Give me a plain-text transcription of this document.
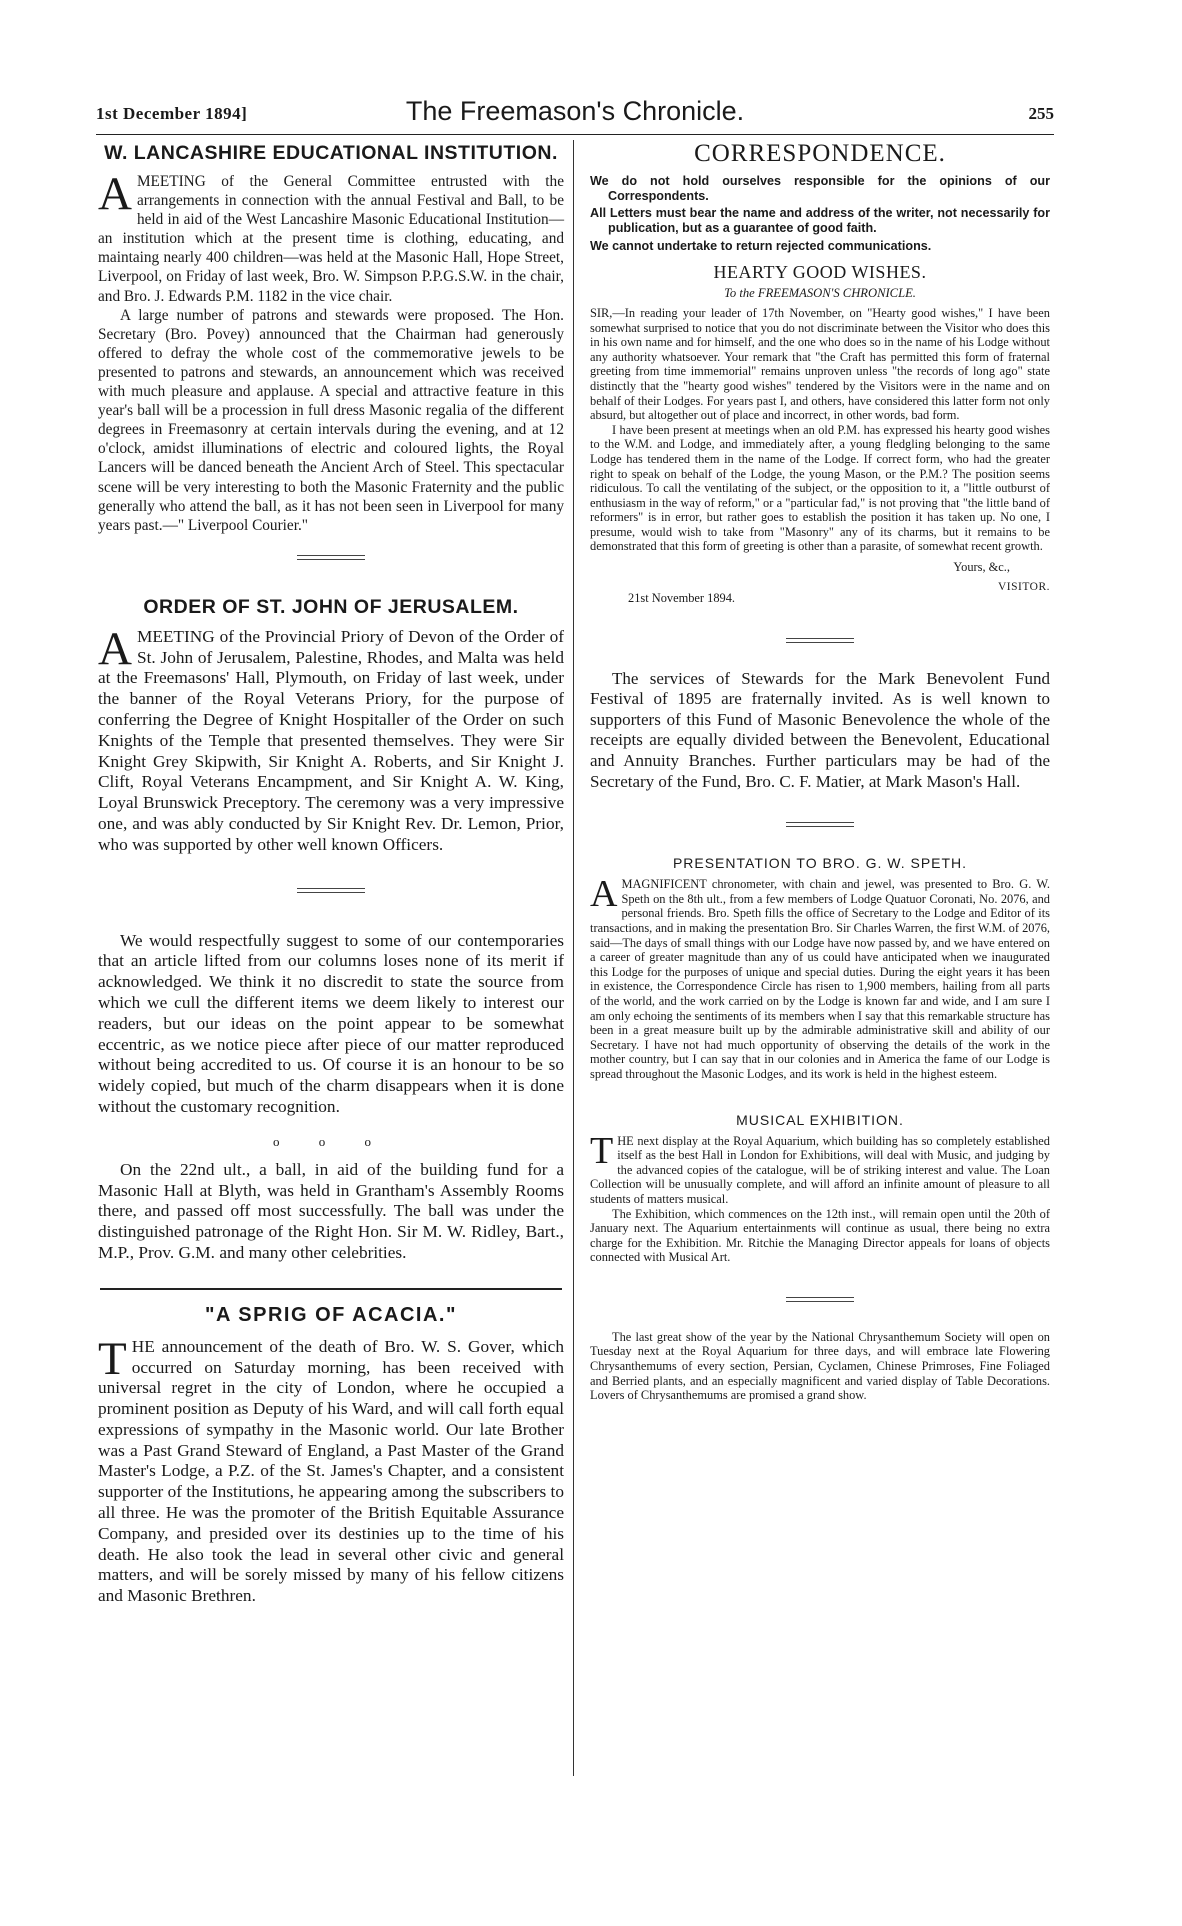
1st December 1894]	The Freemason's Chronicle.	255
W. LANCASHIRE EDUCATIONAL INSTITUTION.

AMEETING of the General Committee entrusted with the arrangements in connection with the annual Festival and Ball, to be held in aid of the West Lancashire Masonic Educational Institution—an institution which at the present time is clothing, educating, and maintaing nearly 400 children—was held at the Masonic Hall, Hope Street, Liverpool, on Friday of last week, Bro. W. Simpson P.P.G.S.W. in the chair, and Bro. J. Edwards P.M. 1182 in the vice chair.

A large number of patrons and stewards were proposed. The Hon. Secretary (Bro. Povey) announced that the Chairman had generously offered to defray the whole cost of the commemorative jewels to be presented to patrons and stewards, an announcement which was received with much pleasure and applause. A special and attractive feature in this year's ball will be a procession in full dress Masonic regalia of the different degrees in Freemasonry at certain intervals during the evening, and at 12 o'clock, amidst illuminations of electric and coloured lights, the Royal Lancers will be danced beneath the Ancient Arch of Steel. This spectacular scene will be very interesting to both the Masonic Fraternity and the public generally who attend the ball, as it has not been seen in Liverpool for many years past.—" Liverpool Courier."

ORDER OF ST. JOHN OF JERUSALEM.

AMEETING of the Provincial Priory of Devon of the Order of St. John of Jerusalem, Palestine, Rhodes, and Malta was held at the Freemasons' Hall, Plymouth, on Friday of last week, under the banner of the Royal Veterans Priory, for the purpose of conferring the Degree of Knight Hospitaller of the Order on such Knights of the Temple that presented themselves. They were Sir Knight Grey Skipwith, Sir Knight A. Roberts, and Sir Knight J. Clift, Royal Veterans Encampment, and Sir Knight A. W. King, Loyal Brunswick Preceptory. The ceremony was a very impressive one, and was ably conducted by Sir Knight Rev. Dr. Lemon, Prior, who was supported by other well known Officers.

We would respectfully suggest to some of our contemporaries that an article lifted from our columns loses none of its merit if acknowledged. We think it no discredit to state the source from which we cull the different items we deem likely to interest our readers, but our ideas on the point appear to be somewhat eccentric, as we notice piece after piece of our matter reproduced without being accredited to us. Of course it is an honour to be so widely copied, but much of the charm disappears when it is done without the customary recognition.

o o o

On the 22nd ult., a ball, in aid of the building fund for a Masonic Hall at Blyth, was held in Grantham's Assembly Rooms there, and passed off most successfully. The ball was under the distinguished patronage of the Right Hon. Sir M. W. Ridley, Bart., M.P., Prov. G.M. and many other celebrities.

"A SPRIG OF ACACIA."

THE announcement of the death of Bro. W. S. Gover, which occurred on Saturday morning, has been received with universal regret in the city of London, where he occupied a prominent position as Deputy of his Ward, and will call forth equal expressions of sympathy in the Masonic world. Our late Brother was a Past Grand Steward of England, a Past Master of the Grand Master's Lodge, a P.Z. of the St. James's Chapter, and a consistent supporter of the Institutions, he appearing among the subscribers to all three. He was the promoter of the British Equitable Assurance Company, and presided over its destinies up to the time of his death. He also took the lead in several other civic and general matters, and will be sorely missed by many of his fellow citizens and Masonic Brethren.

CORRESPONDENCE.

We do not hold ourselves responsible for the opinions of our Correspondents.

All Letters must bear the name and address of the writer, not necessarily for publication, but as a guarantee of good faith.

We cannot undertake to return rejected communications.

HEARTY GOOD WISHES.
To the FREEMASON'S CHRONICLE.

SIR,—In reading your leader of 17th November, on "Hearty good wishes," I have been somewhat surprised to notice that you do not discriminate between the Visitor who does this in his own name and for himself, and the one who does so in the name of his Lodge without any authority whatsoever. Your remark that "the Craft has permitted this form of fraternal greeting from time immemorial" remains unproven unless "the records of long ago" state distinctly that the "hearty good wishes" tendered by the Visitors were in the name and on behalf of their Lodges. For years past I, and others, have considered this latter form not only absurd, but altogether out of place and incorrect, in other words, bad form.

I have been present at meetings when an old P.M. has expressed his hearty good wishes to the W.M. and Lodge, and immediately after, a young fledgling belonging to the same Lodge has tendered them in the name of the Lodge. If correct form, who had the greater right to speak on behalf of the Lodge, the young Mason, or the P.M.? The position seems ridiculous. To call the ventilating of the subject, or the opposition to it, a "little outburst of enthusiasm in the way of reform," or a "particular fad," is not proving that "the little band of reformers" is in error, but rather goes to establish the position it has taken up. No one, I presume, would wish to take from "Masonry" any of its charms, but it remains to be demonstrated that this form of greeting is other than a parasite, of somewhat recent growth.

Yours, &c.,
VISITOR.
21st November 1894.

The services of Stewards for the Mark Benevolent Fund Festival of 1895 are fraternally invited. As is well known to supporters of this Fund of Masonic Benevolence the whole of the receipts are equally divided between the Benevolent, Educational and Annuity Branches. Further particulars may be had of the Secretary of the Fund, Bro. C. F. Matier, at Mark Mason's Hall.

PRESENTATION TO BRO. G. W. SPETH.

AMAGNIFICENT chronometer, with chain and jewel, was presented to Bro. G. W. Speth on the 8th ult., from a few members of Lodge Quatuor Coronati, No. 2076, and personal friends. Bro. Speth fills the office of Secretary to the Lodge and Editor of its transactions, and in making the presentation Bro. Sir Charles Warren, the first W.M. of 2076, said—The days of small things with our Lodge have now passed by, and we have entered on a career of greater magnitude than any of us could have anticipated when we inaugurated this Lodge for the purposes of unique and special duties. During the eight years it has been in existence, the Correspondence Circle has risen to 1,900 members, hailing from all parts of the world, and the work carried on by the Lodge is known far and wide, and I am sure I am only echoing the sentiments of its members when I say that this remarkable structure has been in a great measure built up by the admirable administrative skill and ability of our Secretary. I have not had much opportunity of observing the details of the work in the mother country, but I can say that in our colonies and in America the fame of our Lodge is spread throughout the Masonic Lodges, and its work is held in the highest esteem.

MUSICAL EXHIBITION.

THE next display at the Royal Aquarium, which building has so completely established itself as the best Hall in London for Exhibitions, will deal with Music, and judging by the advanced copies of the catalogue, will be of striking interest and value. The Loan Collection will be unusually complete, and will afford an infinite amount of pleasure to all students of matters musical.

The Exhibition, which commences on the 12th inst., will remain open until the 20th of January next. The Aquarium entertainments will continue as usual, there being no extra charge for the Exhibition. Mr. Ritchie the Managing Director appeals for loans of objects connected with Musical Art.

The last great show of the year by the National Chrysanthemum Society will open on Tuesday next at the Royal Aquarium for three days, and will embrace late Flowering Chrysanthemums of every section, Persian, Cyclamen, Chinese Primroses, Fine Foliaged and Berried plants, and an especially magnificent and varied display of Table Decorations. Lovers of Chrysanthemums are promised a grand show.
